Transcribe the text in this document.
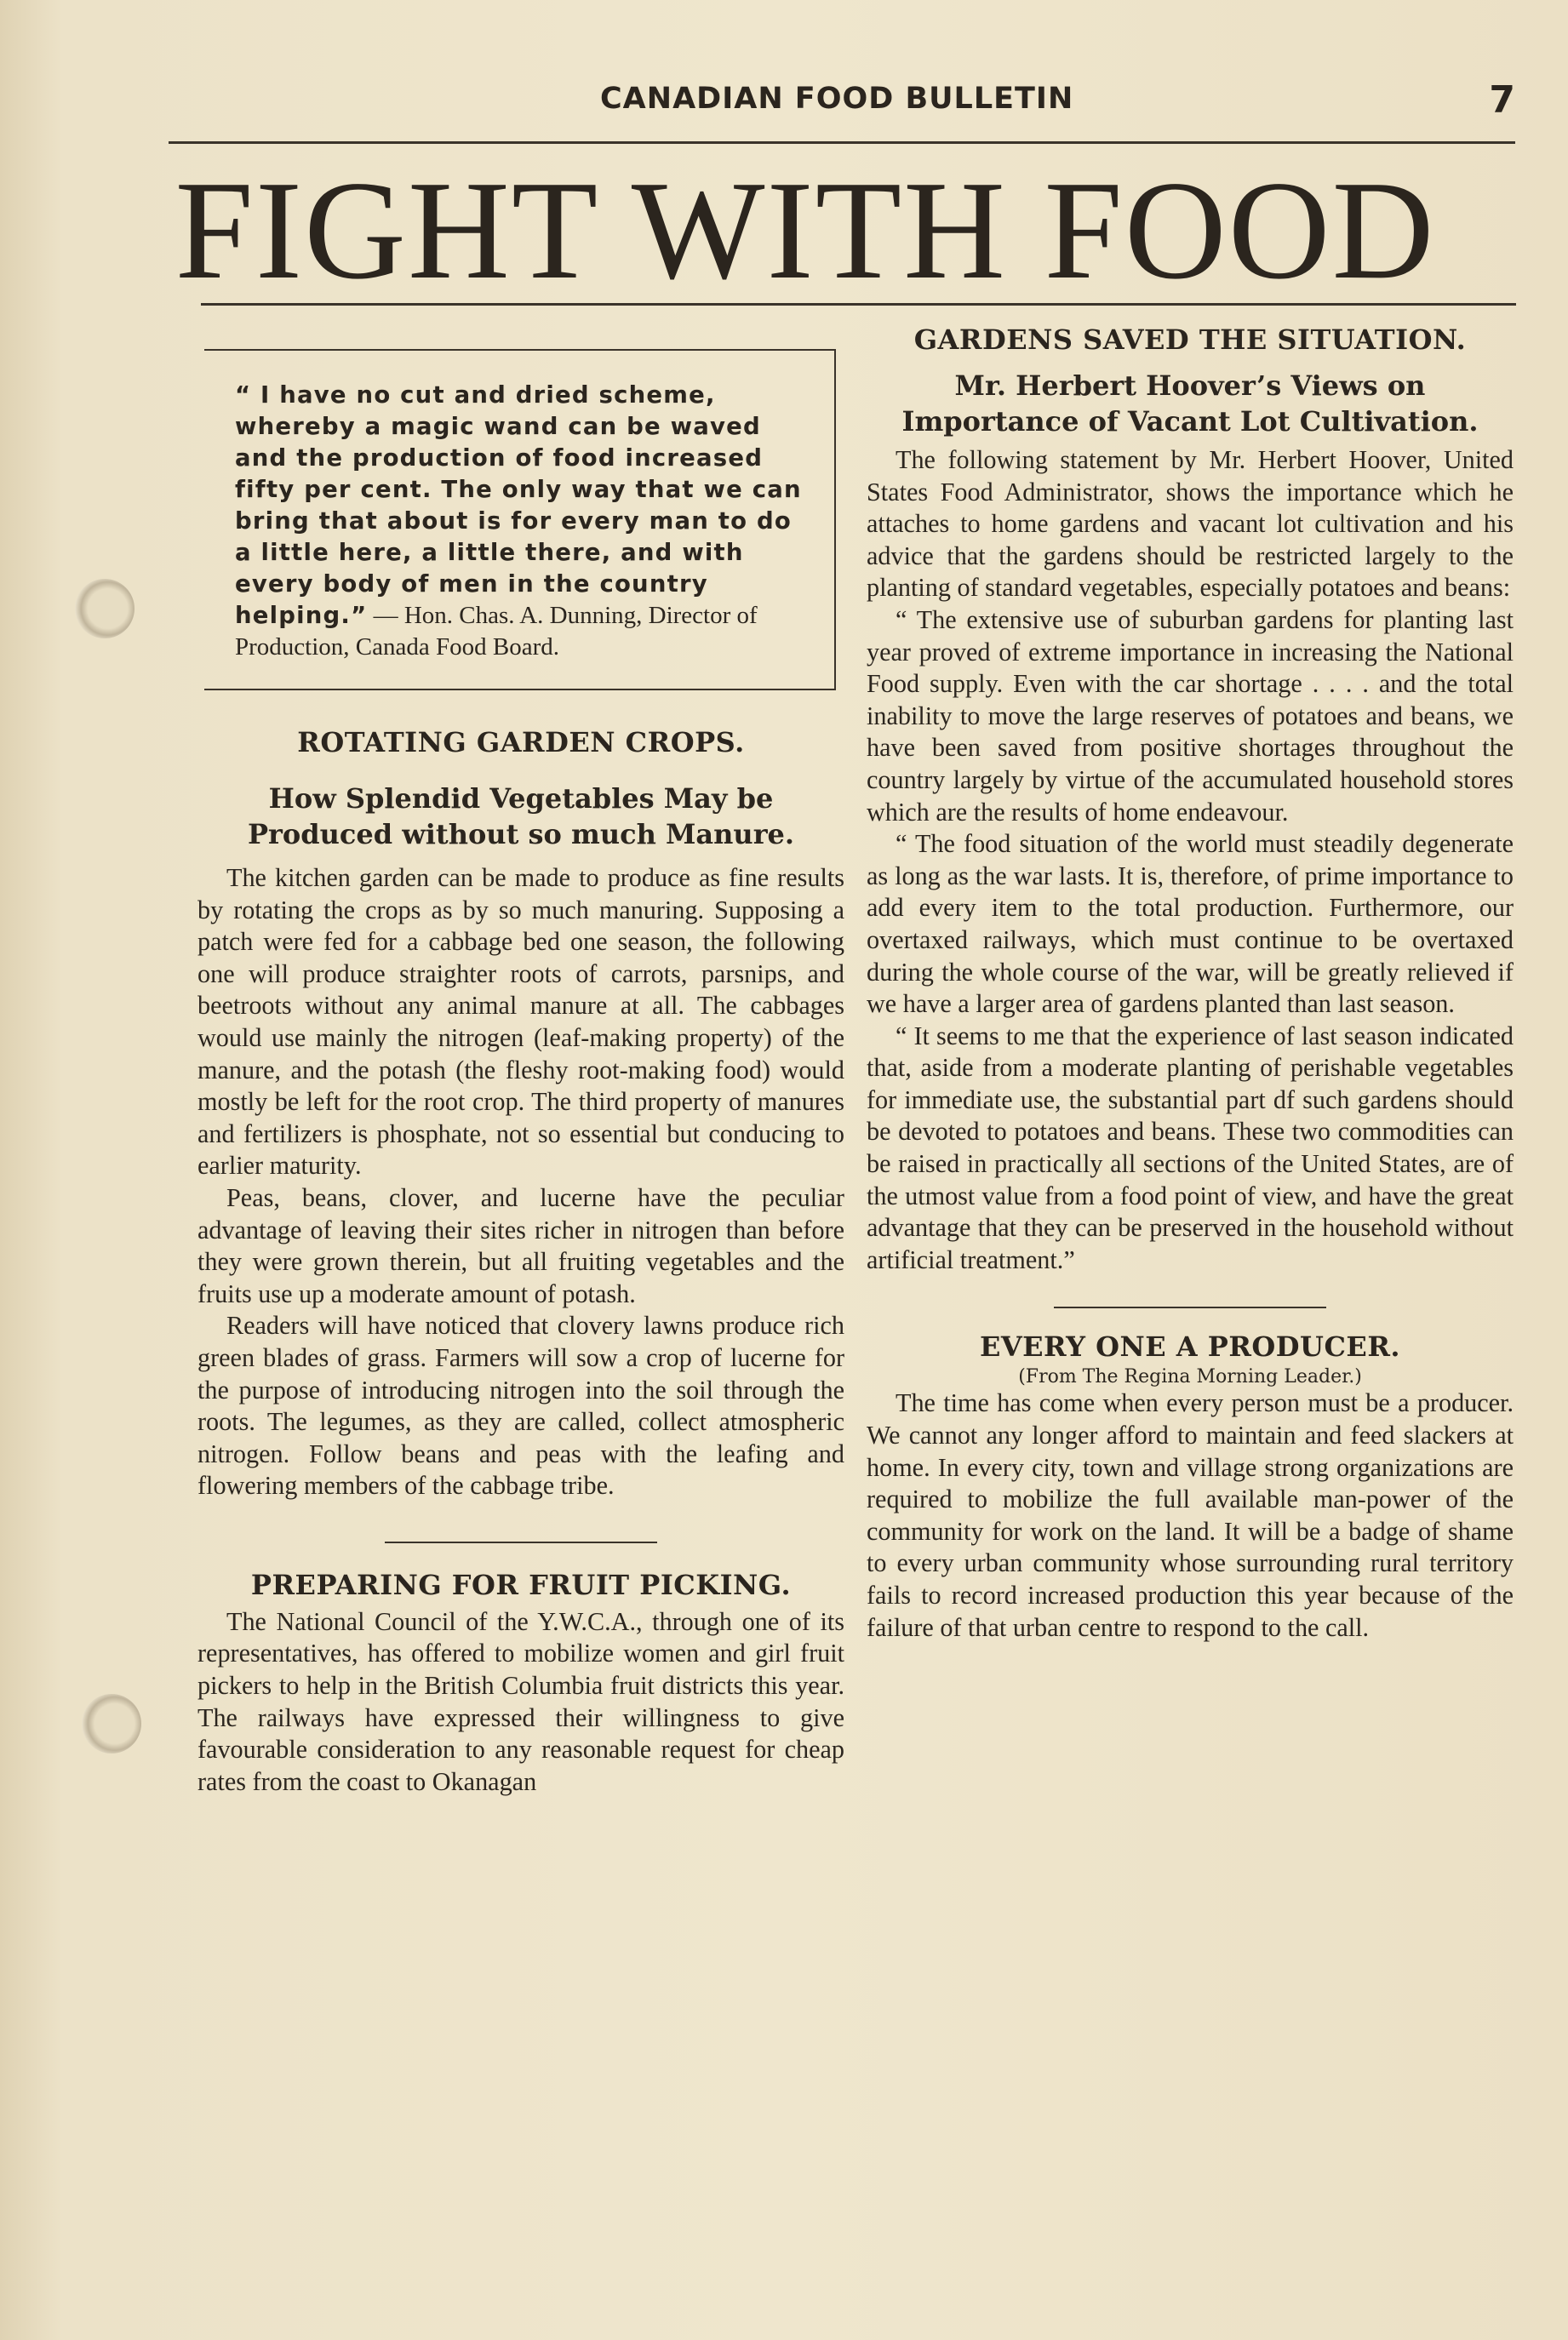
CANADIAN FOOD BULLETIN	7
FIGHT WITH FOOD

“ I have no cut and dried scheme, whereby a magic wand can be waved and the production of food increased fifty per cent. The only way that we can bring that about is for every man to do a little here, a little there, and with every body of men in the country helping.” — Hon. Chas. A. Dunning, Director of Production, Canada Food Board.

ROTATING GARDEN CROPS.
How Splendid Vegetables May be Produced without so much Manure.

The kitchen garden can be made to produce as fine results by rotating the crops as by so much manuring. Supposing a patch were fed for a cabbage bed one season, the following one will produce straighter roots of carrots, parsnips, and beetroots without any animal manure at all. The cabbages would use mainly the nitrogen (leaf-making property) of the manure, and the potash (the fleshy root-making food) would mostly be left for the root crop. The third property of manures and fertilizers is phosphate, not so essential but conducing to earlier maturity.

Peas, beans, clover, and lucerne have the peculiar advantage of leaving their sites richer in nitrogen than before they were grown therein, but all fruiting vegetables and the fruits use up a moderate amount of potash.

Readers will have noticed that clovery lawns produce rich green blades of grass. Farmers will sow a crop of lucerne for the purpose of introducing nitrogen into the soil through the roots. The legumes, as they are called, collect atmospheric nitrogen. Follow beans and peas with the leafing and flowering members of the cabbage tribe.

PREPARING FOR FRUIT PICKING.

The National Council of the Y.W.C.A., through one of its representatives, has offered to mobilize women and girl fruit pickers to help in the British Columbia fruit districts this year. The railways have expressed their willingness to give favourable consideration to any reasonable request for cheap rates from the coast to Okanagan

GARDENS SAVED THE SITUATION.
Mr. Herbert Hoover’s Views on Importance of Vacant Lot Cultivation.

The following statement by Mr. Herbert Hoover, United States Food Administrator, shows the importance which he attaches to home gardens and vacant lot cultivation and his advice that the gardens should be restricted largely to the planting of standard vegetables, especially potatoes and beans:

“ The extensive use of suburban gardens for planting last year proved of extreme importance in increasing the National Food supply. Even with the car shortage . . . . and the total inability to move the large reserves of potatoes and beans, we have been saved from positive shortages throughout the country largely by virtue of the accumulated household stores which are the results of home endeavour.

“ The food situation of the world must steadily degenerate as long as the war lasts. It is, therefore, of prime importance to add every item to the total production. Furthermore, our overtaxed railways, which must continue to be overtaxed during the whole course of the war, will be greatly relieved if we have a larger area of gardens planted than last season.

“ It seems to me that the experience of last season indicated that, aside from a moderate planting of perishable vegetables for immediate use, the substantial part df such gardens should be devoted to potatoes and beans. These two commodities can be raised in practically all sections of the United States, are of the utmost value from a food point of view, and have the great advantage that they can be preserved in the household without artificial treatment.”

EVERY ONE A PRODUCER.

(From The Regina Morning Leader.)

The time has come when every person must be a producer. We cannot any longer afford to maintain and feed slackers at home. In every city, town and village strong organizations are required to mobilize the full available man-power of the community for work on the land. It will be a badge of shame to every urban community whose surrounding rural territory fails to record increased production this year because of the failure of that urban centre to respond to the call.
